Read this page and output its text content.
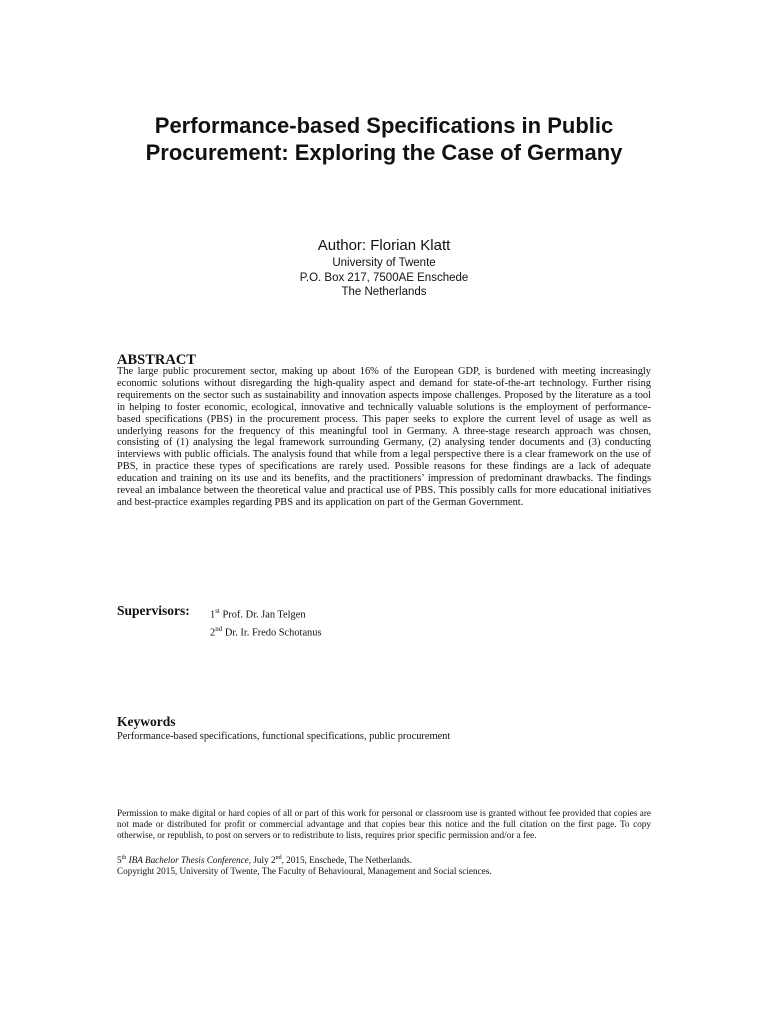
Performance-based Specifications in Public Procurement: Exploring the Case of Germany
Author: Florian Klatt
University of Twente
P.O. Box 217, 7500AE Enschede
The Netherlands
ABSTRACT
The large public procurement sector, making up about 16% of the European GDP, is burdened with meeting increasingly economic solutions without disregarding the high-quality aspect and demand for state-of-the-art technology. Further rising requirements on the sector such as sustainability and innovation aspects impose challenges. Proposed by the literature as a tool in helping to foster economic, ecological, innovative and technically valuable solutions is the employment of performance-based specifications (PBS) in the procurement process. This paper seeks to explore the current level of usage as well as underlying reasons for the frequency of this meaningful tool in Germany. A three-stage research approach was chosen, consisting of (1) analysing the legal framework surrounding Germany, (2) analysing tender documents and (3) conducting interviews with public officials. The analysis found that while from a legal perspective there is a clear framework on the use of PBS, in practice these types of specifications are rarely used. Possible reasons for these findings are a lack of adequate education and training on its use and its benefits, and the practitioners’ impression of predominant drawbacks. The findings reveal an imbalance between the theoretical value and practical use of PBS. This possibly calls for more educational initiatives and best-practice examples regarding PBS and its application on part of the German Government.
Supervisors: 1st Prof. Dr. Jan Telgen
2nd Dr. Ir. Fredo Schotanus
Keywords
Performance-based specifications, functional specifications, public procurement
Permission to make digital or hard copies of all or part of this work for personal or classroom use is granted without fee provided that copies are not made or distributed for profit or commercial advantage and that copies bear this notice and the full citation on the first page. To copy otherwise, or republish, to post on servers or to redistribute to lists, requires prior specific permission and/or a fee.
5th IBA Bachelor Thesis Conference, July 2nd, 2015, Enschede, The Netherlands.
Copyright 2015, University of Twente, The Faculty of Behavioural, Management and Social sciences.
